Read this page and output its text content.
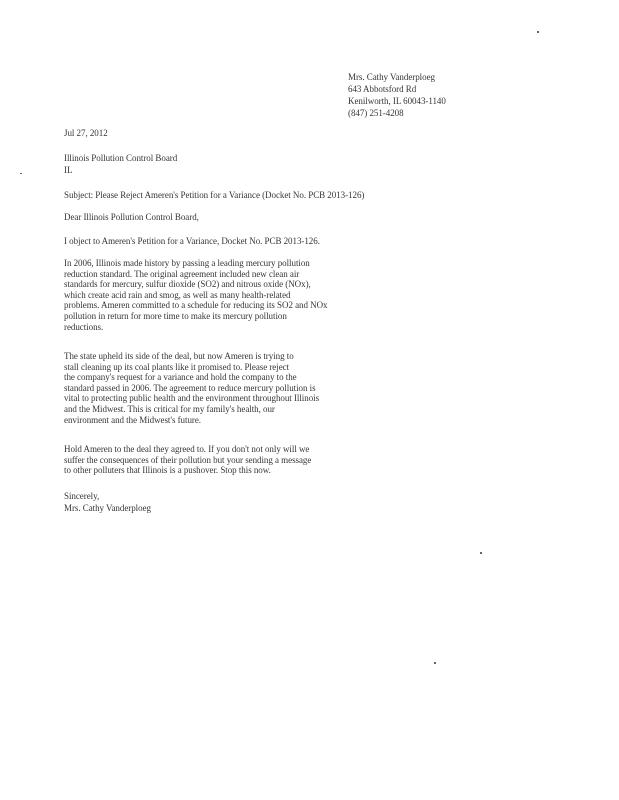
Mrs. Cathy Vanderploeg
643 Abbotsford Rd
Kenilworth, IL 60043-1140
(847) 251-4208
Jul 27, 2012
Illinois Pollution Control Board
IL
Subject: Please Reject Ameren's Petition for a Variance (Docket No. PCB 2013-126)
Dear Illinois Pollution Control Board,
I object to Ameren's Petition for a Variance, Docket No. PCB 2013-126.
In 2006, Illinois made history by passing a leading mercury pollution
reduction standard. The original agreement included new clean air
standards for mercury, sulfur dioxide (SO2) and nitrous oxide (NOx),
which create acid rain and smog, as well as many health-related
problems. Ameren committed to a schedule for reducing its SO2 and NOx
pollution in return for more time to make its mercury pollution
reductions.
The state upheld its side of the deal, but now Ameren is trying to
stall cleaning up its coal plants like it promised to. Please reject
the company's request for a variance and hold the company to the
standard passed in 2006. The agreement to reduce mercury pollution is
vital to protecting public health and the environment throughout Illinois
and the Midwest. This is critical for my family's health, our
environment and the Midwest's future.
Hold Ameren to the deal they agreed to. If you don't not only will we
suffer the consequences of their pollution but your sending a message
to other polluters that Illinois is a pushover. Stop this now.
Sincerely,
Mrs. Cathy Vanderploeg
